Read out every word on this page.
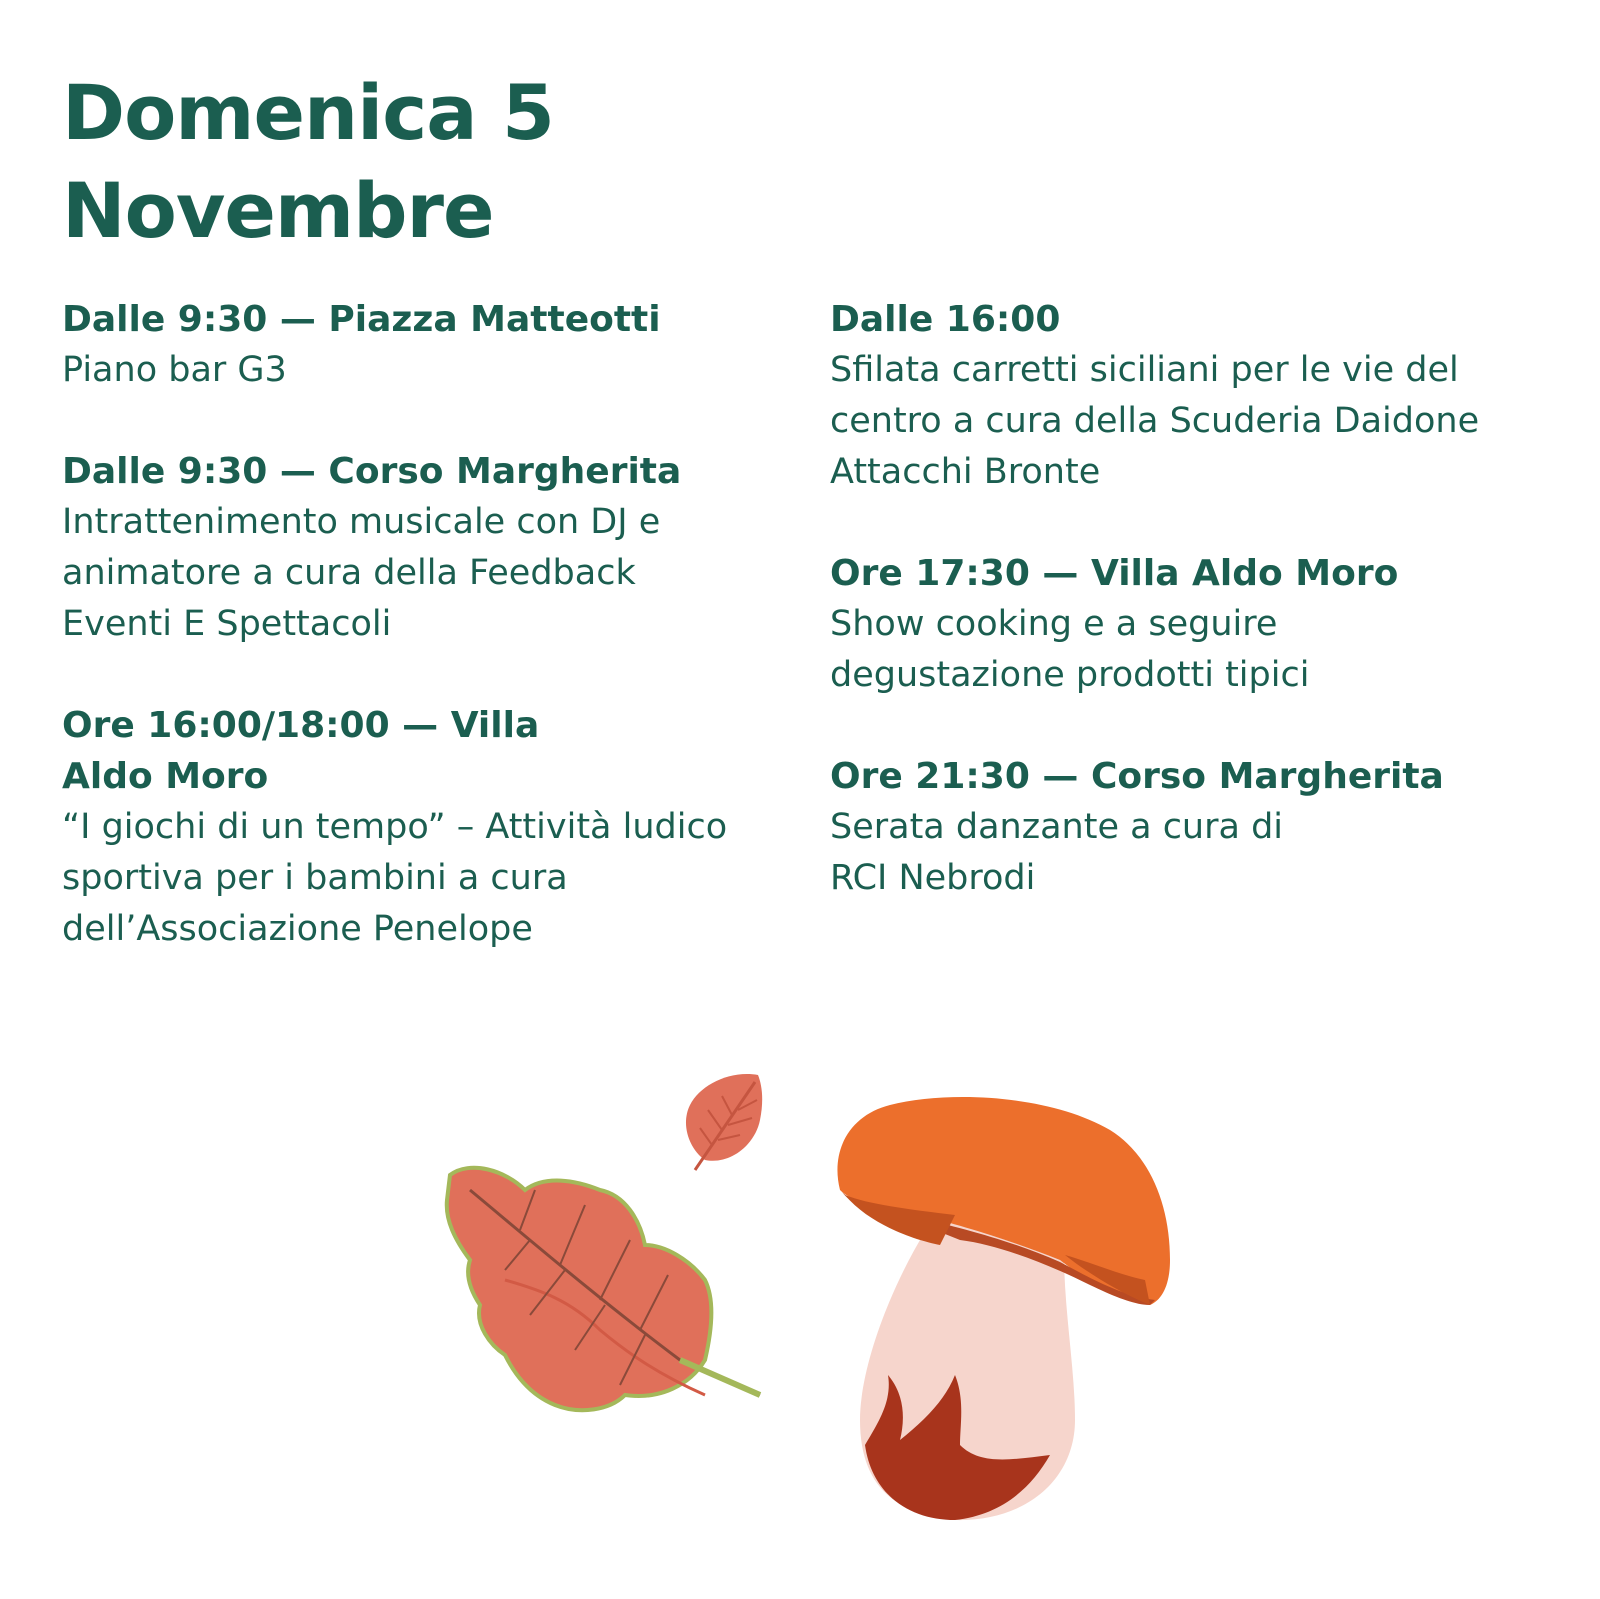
Domenica 5
Novembre
Dalle 9:30 — Piazza Matteotti
Piano bar G3
Dalle 9:30 — Corso Margherita
Intrattenimento musicale con DJ e animatore a cura della Feedback Eventi E Spettacoli
Ore 16:00/18:00 — Villa Aldo Moro
“I giochi di un tempo” – Attività ludico sportiva per i bambini a cura dell’Associazione Penelope
Dalle 16:00
Sfilata carretti siciliani per le vie del centro a cura della Scuderia Daidone Attacchi Bronte
Ore 17:30 — Villa Aldo Moro
Show cooking e a seguire degustazione prodotti tipici
Ore 21:30 — Corso Margherita
Serata danzante a cura di RCI Nebrodi
